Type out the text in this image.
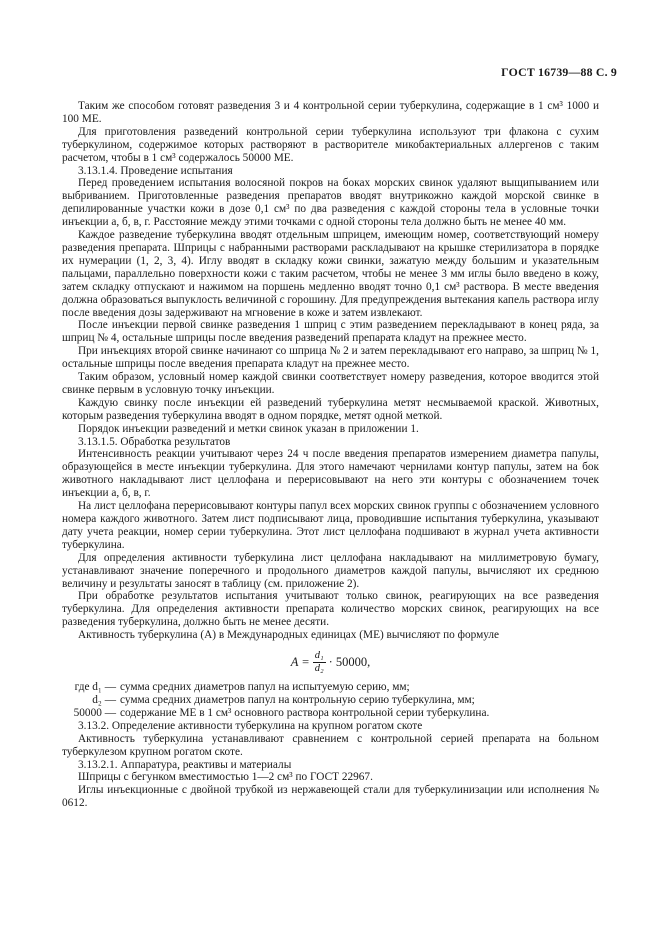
ГОСТ 16739—88 С. 9

Таким же способом готовят разведения 3 и 4 контрольной серии туберкулина, содержащие в 1 см³ 1000 и 100 МЕ.

Для приготовления разведений контрольной серии туберкулина используют три флакона с сухим туберкулином, содержимое которых растворяют в растворителе микобактериальных аллергенов с таким расчетом, чтобы в 1 см³ содержалось 50000 МЕ.

3.13.1.4. Проведение испытания

Перед проведением испытания волосяной покров на боках морских свинок удаляют выщипыванием или выбриванием. Приготовленные разведения препаратов вводят внутрикожно каждой морской свинке в депилированные участки кожи в дозе 0,1 см³ по два разведения с каждой стороны тела в условные точки инъекции а, б, в, г. Расстояние между этими точками с одной стороны тела должно быть не менее 40 мм.

Каждое разведение туберкулина вводят отдельным шприцем, имеющим номер, соответствующий номеру разведения препарата. Шприцы с набранными растворами раскладывают на крышке стерилизатора в порядке их нумерации (1, 2, 3, 4). Иглу вводят в складку кожи свинки, зажатую между большим и указательным пальцами, параллельно поверхности кожи с таким расчетом, чтобы не менее 3 мм иглы было введено в кожу, затем складку отпускают и нажимом на поршень медленно вводят точно 0,1 см³ раствора. В месте введения должна образоваться выпуклость величиной с горошину. Для предупреждения вытекания капель раствора иглу после введения дозы задерживают на мгновение в коже и затем извлекают.

После инъекции первой свинке разведения 1 шприц с этим разведением перекладывают в конец ряда, за шприц № 4, остальные шприцы после введения разведений препарата кладут на прежнее место.

При инъекциях второй свинке начинают со шприца № 2 и затем перекладывают его направо, за шприц № 1, остальные шприцы после введения препарата кладут на прежнее место.

Таким образом, условный номер каждой свинки соответствует номеру разведения, которое вводится этой свинке первым в условную точку инъекции.

Каждую свинку после инъекции ей разведений туберкулина метят несмываемой краской. Животных, которым разведения туберкулина вводят в одном порядке, метят одной меткой.

Порядок инъекции разведений и метки свинок указан в приложении 1.

3.13.1.5. Обработка результатов

Интенсивность реакции учитывают через 24 ч после введения препаратов измерением диаметра папулы, образующейся в месте инъекции туберкулина. Для этого намечают чернилами контур папулы, затем на бок животного накладывают лист целлофана и перерисовывают на него эти контуры с обозначением точек инъекции а, б, в, г.

На лист целлофана перерисовывают контуры папул всех морских свинок группы с обозначением условного номера каждого животного. Затем лист подписывают лица, проводившие испытания туберкулина, указывают дату учета реакции, номер серии туберкулина. Этот лист целлофана подшивают в журнал учета активности туберкулина.

Для определения активности туберкулина лист целлофана накладывают на миллиметровую бумагу, устанавливают значение поперечного и продольного диаметров каждой папулы, вычисляют их среднюю величину и результаты заносят в таблицу (см. приложение 2).

При обработке результатов испытания учитывают только свинок, реагирующих на все разведения туберкулина. Для определения активности препарата количество морских свинок, реагирующих на все разведения туберкулина, должно быть не менее десяти.

Активность туберкулина (А) в Международных единицах (МЕ) вычисляют по формуле

$A = \frac{\text{d₁}}{\text{d₂}} \cdot 50000$,
где d₁ — сумма средних диаметров папул на испытуемую серию, мм;
d₂ — сумма средних диаметров папул на контрольную серию туберкулина, мм;
50000 — содержание МЕ в 1 см³ основного раствора контрольной серии туберкулина.

3.13.2. Определение активности туберкулина на крупном рогатом скоте

Активность туберкулина устанавливают сравнением с контрольной серией препарата на больном туберкулезом крупном рогатом скоте.

3.13.2.1. Аппаратура, реактивы и материалы

Шприцы с бегунком вместимостью 1—2 см³ по ГОСТ 22967.

Иглы инъекционные с двойной трубкой из нержавеющей стали для туберкулинизации или исполнения № 0612.
